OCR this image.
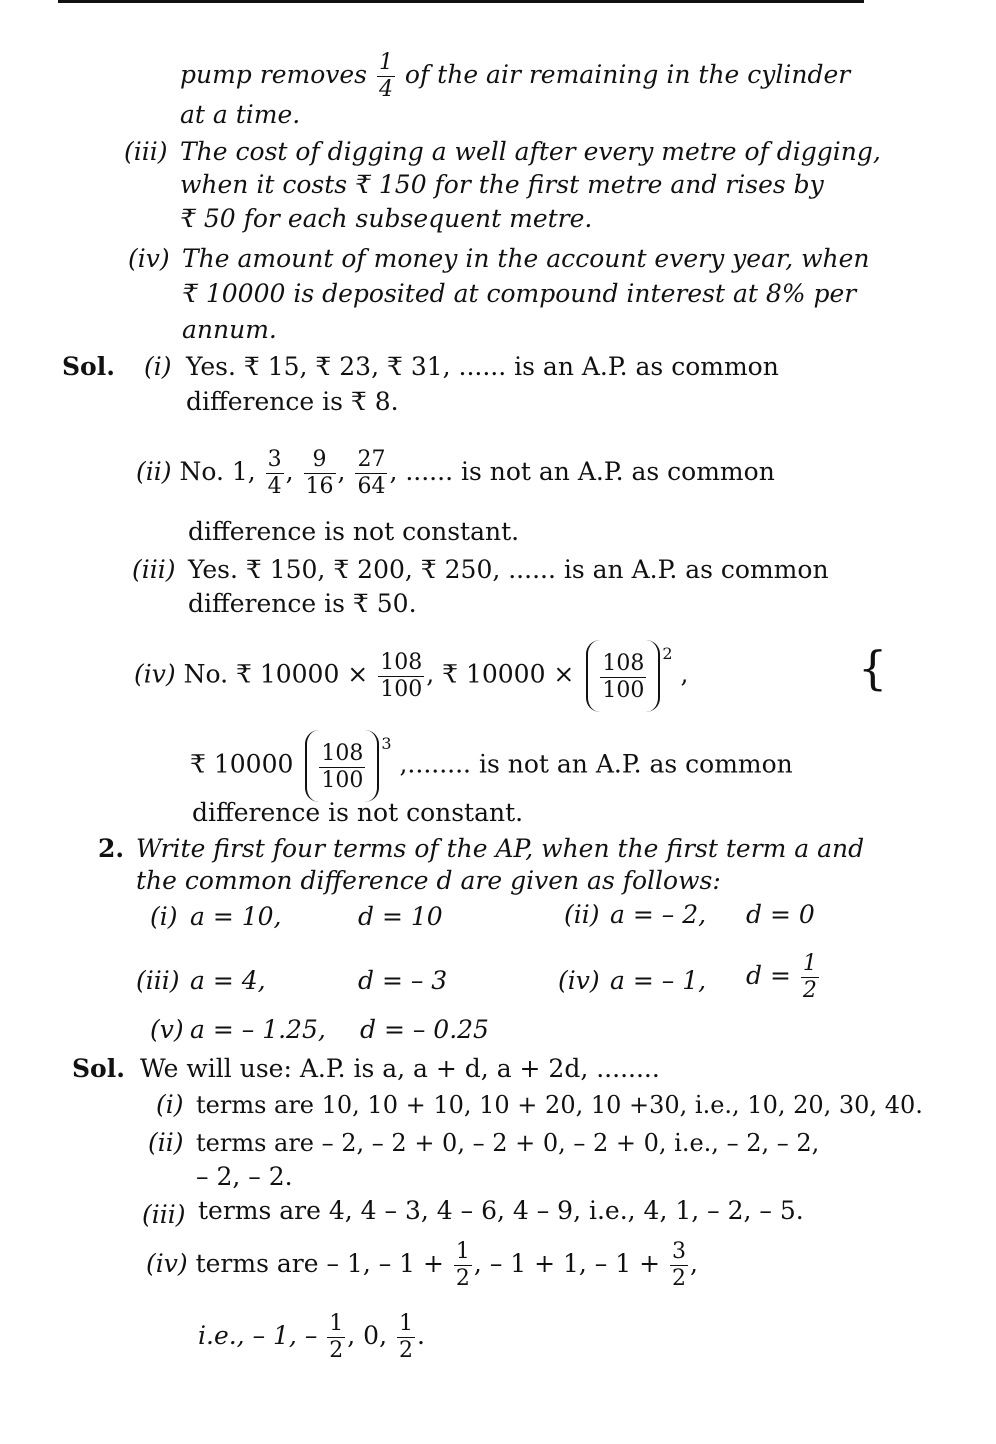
pump removes $\frac{1}{4}$ of the air remaining in the cylinder
at a time.
(iii) The cost of digging a well after every metre of digging,
when it costs ₹ 150 for the first metre and rises by
₹ 50 for each subsequent metre.
(iv) The amount of money in the account every year, when
₹ 10000 is deposited at compound interest at 8% per
annum.
Sol. (i) Yes. ₹ 15, ₹ 23, ₹ 31, ...... is an A.P. as common
difference is ₹ 8.
(ii) No. 1, $\frac{3}{4}$ , $\frac{9}{16}$ , $\frac{27}{64}$ , ...... is not an A.P. as common
difference is not constant.
(iii) Yes. ₹ 150, ₹ 200, ₹ 250, ...... is an A.P. as common
difference is ₹ 50.
(iv) No. ₹ $10000 \times \frac{108}{100}$ , ₹ $10000 \times \frac{108}{100} ^2$ ,	{
₹ $10000 \frac{108}{100} ^3$ ,........ is not an A.P. as common
difference is not constant.
2. Write first four terms of the AP, when the first term a and
the common difference d are given as follows:
(i) a = 10,	d = 10	(ii) a = – 2, d = 0
(iii) a = 4,	d = – 3	(iv) a = – 1, $d = \frac{1}{2}$
(v) a = – 1.25, d = – 0.25
Sol. We will use: A.P. is a, a + d, a + 2d, ........
(i) terms are 10, 10 + 10, 10 + 20, 10 +30, i.e., 10, 20, 30, 40.
(ii) terms are – 2, – 2 + 0, – 2 + 0, – 2 + 0, i.e., – 2, – 2,
– 2, – 2.
(iii) terms are 4, 4 – 3, 4 – 6, 4 – 9, i.e., 4, 1, – 2, – 5.
(iv) terms are – 1, – $1 + \frac{1}{2}$ , – 1 + 1, – $1 + \frac{3}{2}$ ,
i.e., – 1, – $\frac{1}{2}$ , 0, $\frac{1}{2}$ .
